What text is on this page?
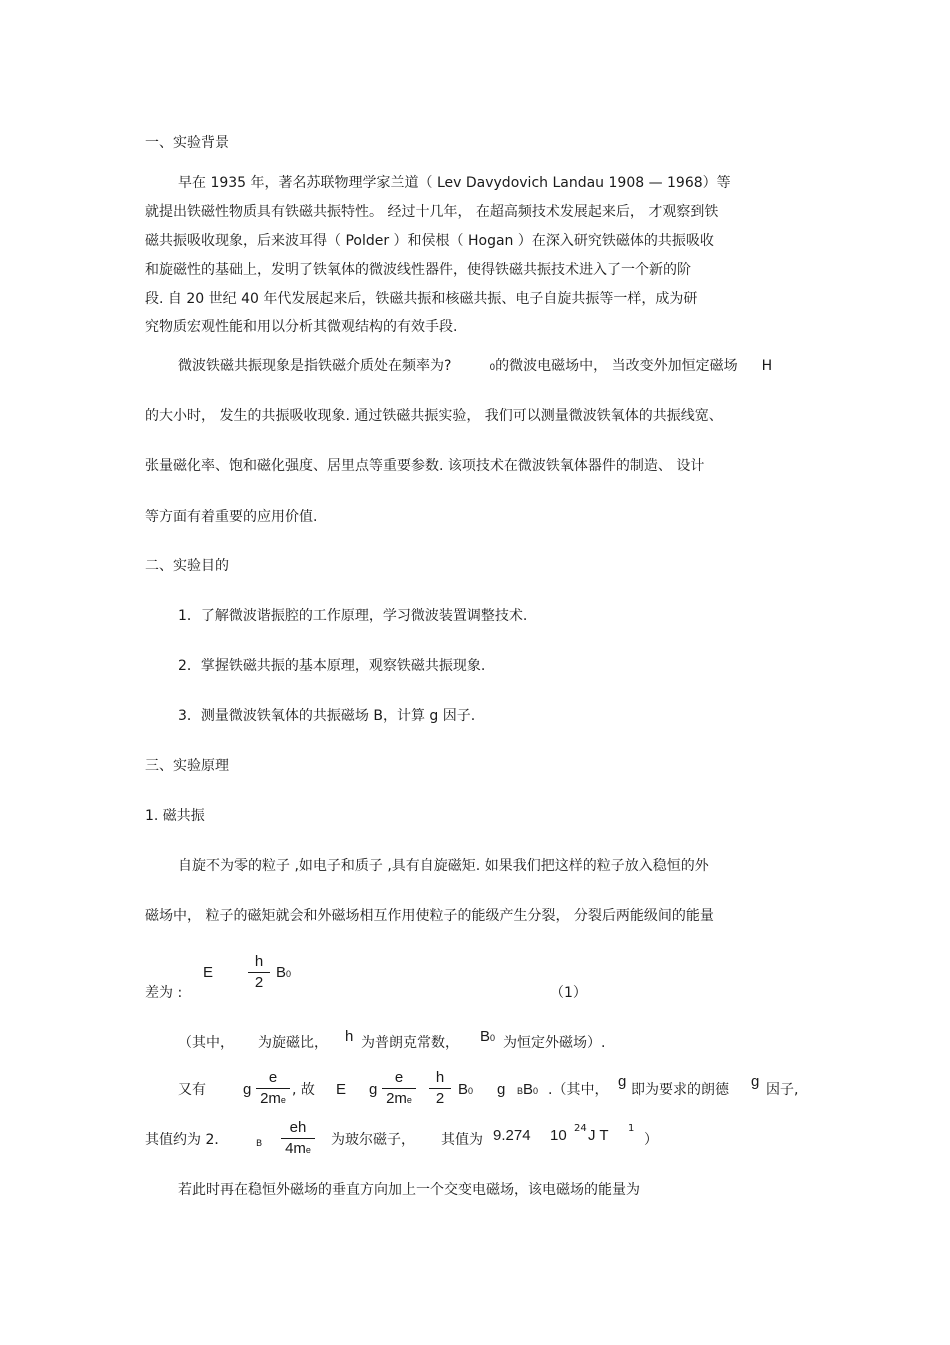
一、实验背景
早在 1935 年，著名苏联物理学家兰道（ Lev Davydovich Landau 1908 — 1968）等
就提出铁磁性物质具有铁磁共振特性。 经过十几年， 在超高频技术发展起来后， 才观察到铁
磁共振吸收现象，后来波耳得（ Polder ）和侯根（ Hogan ）在深入研究铁磁体的共振吸收
和旋磁性的基础上，发明了铁氧体的微波线性器件，使得铁磁共振技术进入了一个新的阶
段. 自 20 世纪 40 年代发展起来后，铁磁共振和核磁共振、电子自旋共振等一样，成为研
究物质宏观性能和用以分析其微观结构的有效手段.
微波铁磁共振现象是指铁磁介质处在频率为?	0的微波电磁场中， 当改变外加恒定磁场 H
的大小时， 发生的共振吸收现象. 通过铁磁共振实验， 我们可以测量微波铁氧体的共振线宽、
张量磁化率、饱和磁化强度、居里点等重要参数. 该项技术在微波铁氧体器件的制造、 设计
等方面有着重要的应用价值.
二、实验目的
1．了解微波谐振腔的工作原理，学习微波装置调整技术.
2．掌握铁磁共振的基本原理，观察铁磁共振现象.
3．测量微波铁氧体的共振磁场 B，计算 g 因子.
三、实验原理
1. 磁共振
自旋不为零的粒子 ,如电子和质子 ,具有自旋磁矩. 如果我们把这样的粒子放入稳恒的外
磁场中， 粒子的磁矩就会和外磁场相互作用使粒子的能级产生分裂， 分裂后两能级间的能量
差为 :
E
h
2
B0
（1）
（其中， 为旋磁比， h 为普朗克常数， B0 为恒定外磁场）.
又有 g
e
2me
, 故 E g
e
2me
h
2
B0 g BB0 .（其中， g 即为要求的朗德 g 因子,
其值约为 2．	B
eh
4me
为玻尔磁子， 其值为 9.274 10 24 J T 1
）
若此时再在稳恒外磁场的垂直方向加上一个交变电磁场，该电磁场的能量为
